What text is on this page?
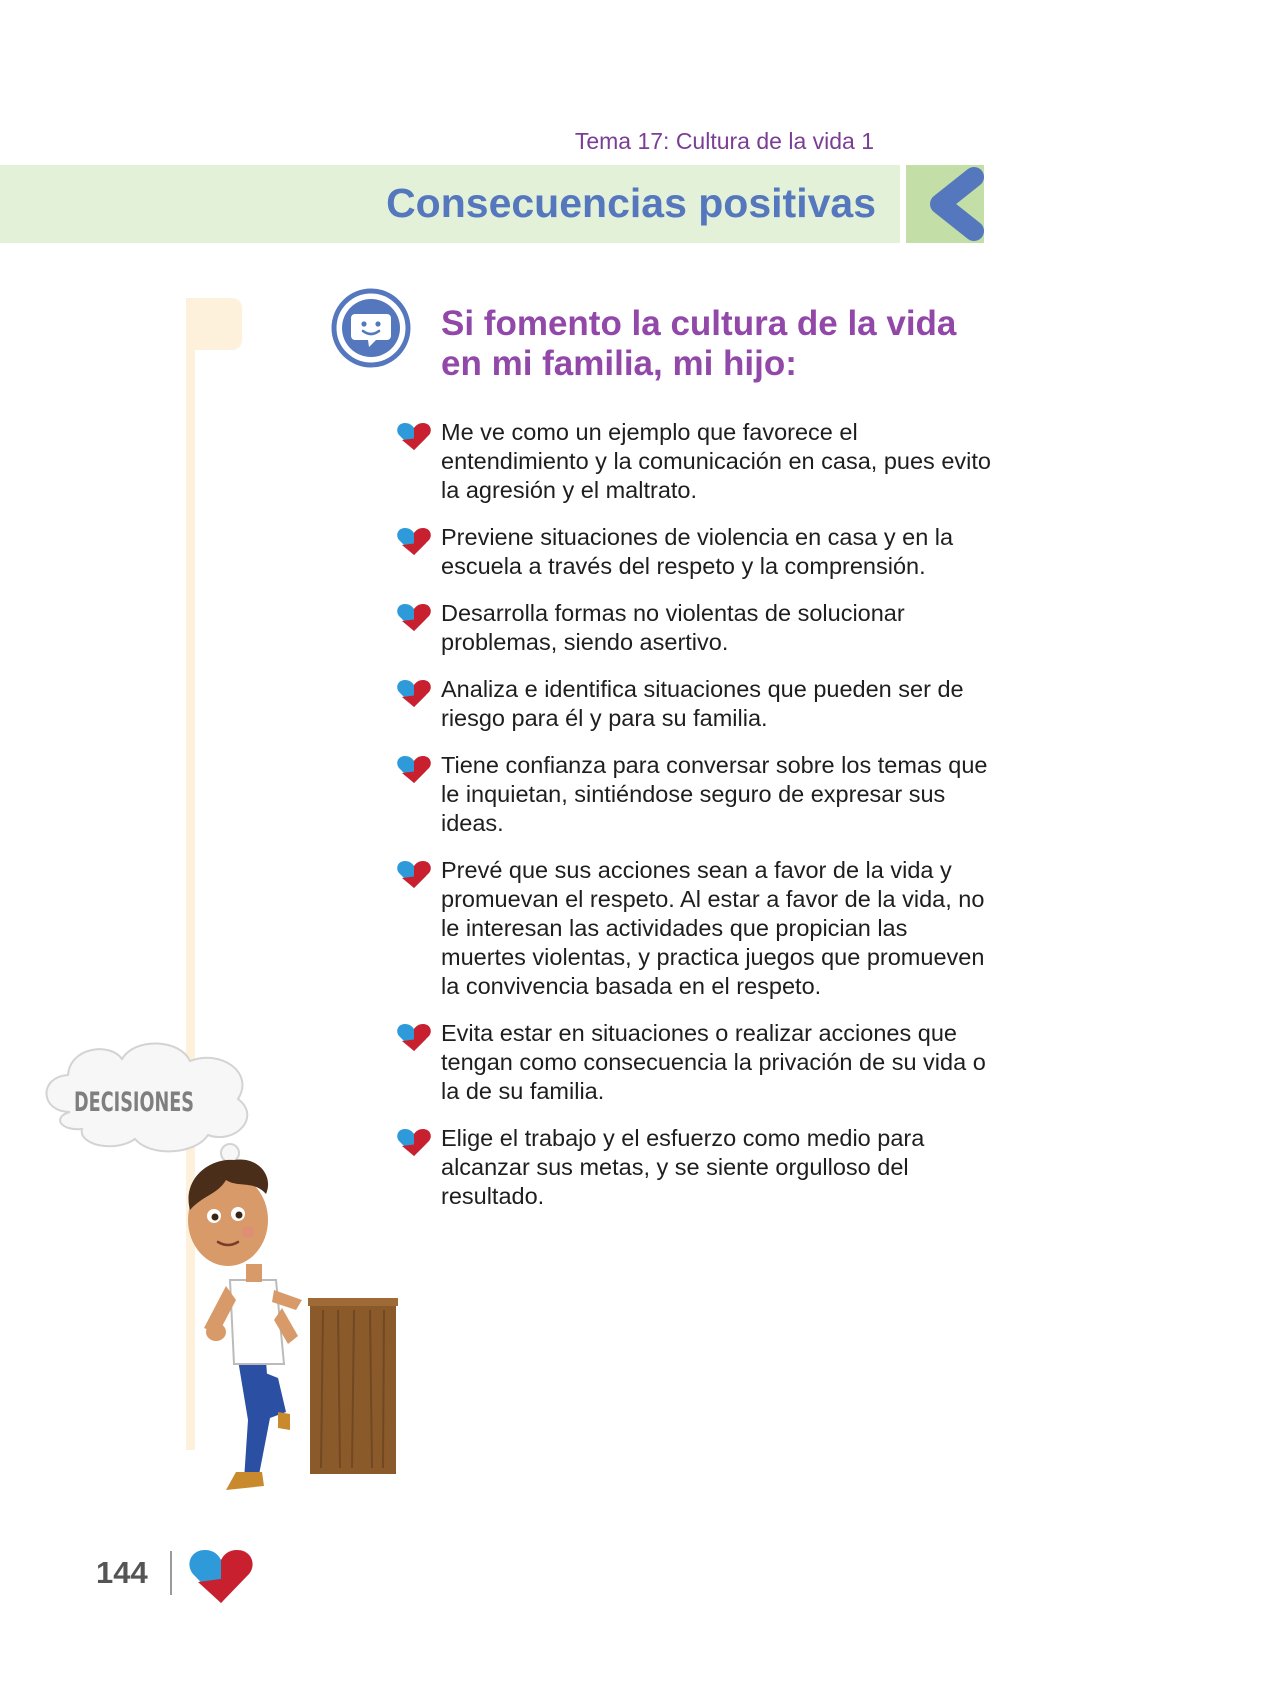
Tema 17: Cultura de la vida 1

Consecuencias positivas
Si fomento la cultura de la vida en mi familia, mi hijo:
Me ve como un ejemplo que favorece el entendimiento y la comunicación en casa, pues evito la agresión y el maltrato.
Previene situaciones de violencia en casa y en la escuela a través del respeto y la comprensión.
Desarrolla formas no violentas de solucionar problemas, siendo asertivo.
Analiza e identifica situaciones que pueden ser de riesgo para él y para su familia.
Tiene confianza para conversar sobre los temas que le inquietan, sintiéndose seguro de expresar sus ideas.
Prevé que sus acciones sean a favor de la vida y promuevan el respeto. Al estar a favor de la vida, no le interesan las actividades que propician las muertes violentas, y practica juegos que promueven la convivencia basada en el respeto.
Evita estar en situaciones o realizar acciones que tengan como consecuencia la privación de su vida o la de su familia.
Elige el trabajo y el esfuerzo como medio para alcanzar sus metas, y se siente orgulloso del resultado.
DECISIONES

144
